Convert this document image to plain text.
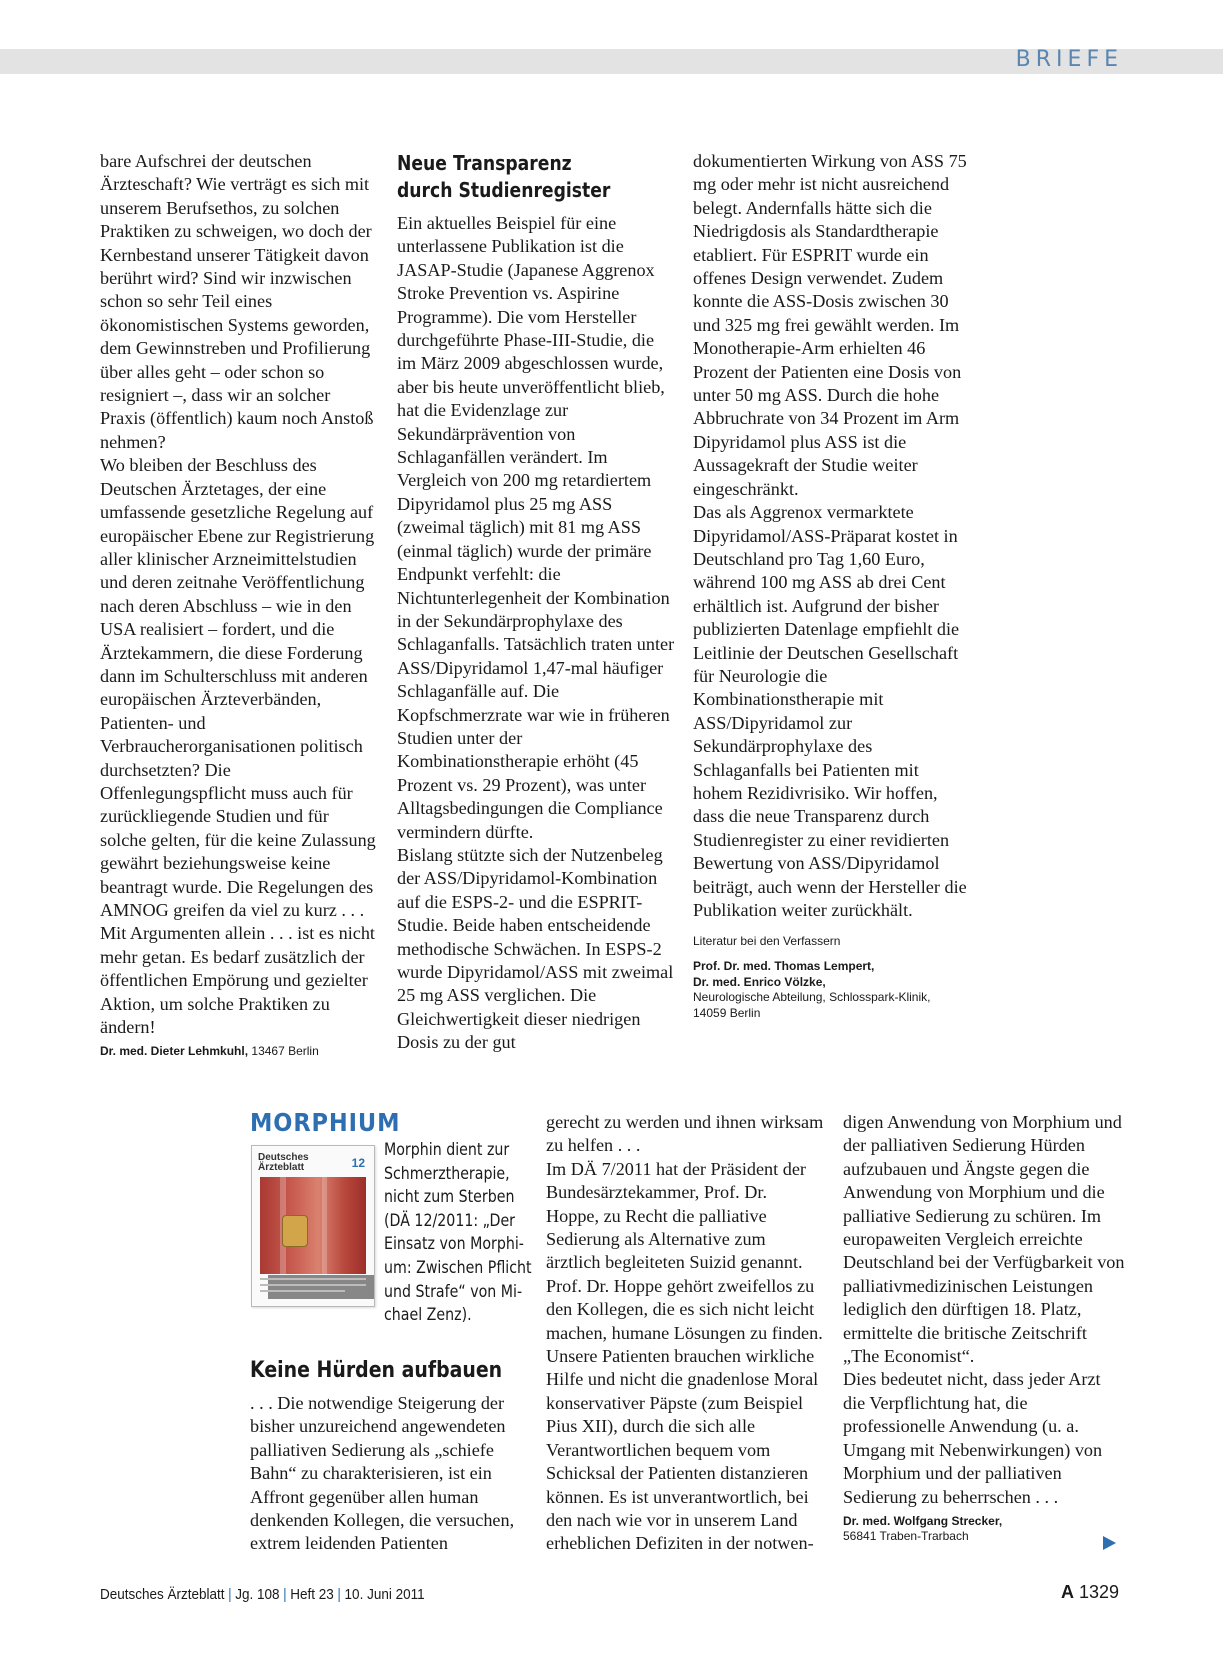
BRIEFE

bare Aufschrei der deutschen Ärzteschaft? Wie verträgt es sich mit unserem Berufsethos, zu solchen Praktiken zu schweigen, wo doch der Kernbestand unserer Tätigkeit davon berührt wird? Sind wir inzwischen schon so sehr Teil eines ökonomistischen Systems geworden, dem Gewinnstreben und Profilierung über alles geht – oder schon so resigniert –, dass wir an solcher Praxis (öffentlich) kaum noch Anstoß nehmen?

Wo bleiben der Beschluss des Deutschen Ärztetages, der eine umfassende gesetzliche Regelung auf europäischer Ebene zur Registrierung aller klinischer Arzneimittelstudien und deren zeitnahe Veröffentlichung nach deren Abschluss – wie in den USA realisiert – fordert, und die Ärztekammern, die diese Forderung dann im Schulterschluss mit anderen europäischen Ärzteverbänden, Patienten- und Verbraucherorganisationen politisch durchsetzten? Die Offenlegungspflicht muss auch für zurückliegende Studien und für solche gelten, für die keine Zulassung gewährt beziehungsweise keine beantragt wurde. Die Regelungen des AMNOG greifen da viel zu kurz . . . Mit Argumenten allein . . . ist es nicht mehr getan. Es bedarf zusätzlich der öffentlichen Empörung und gezielter Aktion, um solche Praktiken zu ändern!

Dr. med. Dieter Lehmkuhl, 13467 Berlin
Neue Transparenz
durch Studienregister

Ein aktuelles Beispiel für eine unterlassene Publikation ist die JASAP-Studie (Japanese Aggrenox Stroke Prevention vs. Aspirine Programme). Die vom Hersteller durchgeführte Phase-III-Studie, die im März 2009 abgeschlossen wurde, aber bis heute unveröffentlicht blieb, hat die Evidenzlage zur Sekundärprävention von Schlaganfällen verändert. Im Vergleich von 200 mg retardiertem Dipyridamol plus 25 mg ASS (zweimal täglich) mit 81 mg ASS (einmal täglich) wurde der primäre Endpunkt verfehlt: die Nichtunterlegenheit der Kombination in der Sekundärprophylaxe des Schlaganfalls. Tatsächlich traten unter ASS/Dipyridamol 1,47-mal häufiger Schlaganfälle auf. Die Kopfschmerzrate war wie in früheren Studien unter der Kombinationstherapie erhöht (45 Prozent vs. 29 Prozent), was unter Alltagsbedingungen die Compliance vermindern dürfte.

Bislang stützte sich der Nutzenbeleg der ASS/Dipyridamol-Kombination auf die ESPS-2- und die ESPRIT-Studie. Beide haben entscheidende methodische Schwächen. In ESPS-2 wurde Dipyridamol/ASS mit zweimal 25 mg ASS verglichen. Die Gleichwertigkeit dieser niedrigen Dosis zu der gut

dokumentierten Wirkung von ASS 75 mg oder mehr ist nicht ausreichend belegt. Andernfalls hätte sich die Niedrigdosis als Standardtherapie etabliert. Für ESPRIT wurde ein offenes Design verwendet. Zudem konnte die ASS-Dosis zwischen 30 und 325 mg frei gewählt werden. Im Monotherapie-Arm erhielten 46 Prozent der Patienten eine Dosis von unter 50 mg ASS. Durch die hohe Abbruchrate von 34 Prozent im Arm Dipyridamol plus ASS ist die Aussagekraft der Studie weiter eingeschränkt.

Das als Aggrenox vermarktete Dipyridamol/ASS-Präparat kostet in Deutschland pro Tag 1,60 Euro, während 100 mg ASS ab drei Cent erhältlich ist. Aufgrund der bisher publizierten Datenlage empfiehlt die Leitlinie der Deutschen Gesellschaft für Neurologie die Kombinationstherapie mit ASS/Dipyridamol zur Sekundärprophylaxe des Schlaganfalls bei Patienten mit hohem Rezidivrisiko. Wir hoffen, dass die neue Transparenz durch Studienregister zu einer revidierten Bewertung von ASS/Dipyridamol beiträgt, auch wenn der Hersteller die Publikation weiter zurückhält.

Literatur bei den Verfassern
Prof. Dr. med. Thomas Lempert,
Dr. med. Enrico Völzke,
Neurologische Abteilung, Schlosspark-Klinik,
14059 Berlin
MORPHIUM
Deutsches
Ärzteblatt	12
Morphin dient zur
Schmerztherapie,
nicht zum Sterben
(DÄ 12/2011: „Der
Einsatz von Morphi-
um: Zwischen Pflicht
und Strafe“ von Mi-
chael Zenz).
Keine Hürden aufbauen

. . . Die notwendige Steigerung der bisher unzureichend angewendeten palliativen Sedierung als „schiefe Bahn“ zu charakterisieren, ist ein Affront gegenüber allen human denkenden Kollegen, die versuchen, extrem leidenden Patienten

gerecht zu werden und ihnen wirksam zu helfen . . .

Im DÄ 7/2011 hat der Präsident der Bundesärztekammer, Prof. Dr. Hoppe, zu Recht die palliative Sedierung als Alternative zum ärztlich begleiteten Suizid genannt. Prof. Dr. Hoppe gehört zweifellos zu den Kollegen, die es sich nicht leicht machen, humane Lösungen zu finden.

Unsere Patienten brauchen wirkliche Hilfe und nicht die gnadenlose Moral konservativer Päpste (zum Beispiel Pius XII), durch die sich alle Verantwortlichen bequem vom Schicksal der Patienten distanzieren können. Es ist unverantwortlich, bei den nach wie vor in unserem Land erheblichen Defiziten in der notwen-

digen Anwendung von Morphium und der palliativen Sedierung Hürden aufzubauen und Ängste gegen die Anwendung von Morphium und die palliative Sedierung zu schüren. Im europaweiten Vergleich erreichte Deutschland bei der Verfügbarkeit von palliativmedizinischen Leistungen lediglich den dürftigen 18. Platz, ermittelte die britische Zeitschrift „The Economist“.

Dies bedeutet nicht, dass jeder Arzt die Verpflichtung hat, die professionelle Anwendung (u. a. Umgang mit Nebenwirkungen) von Morphium und der palliativen Sedierung zu beherrschen . . .

Dr. med. Wolfgang Strecker,
56841 Traben-Trarbach
Deutsches Ärzteblatt | Jg. 108 | Heft 23 | 10. Juni 2011	A 1329
